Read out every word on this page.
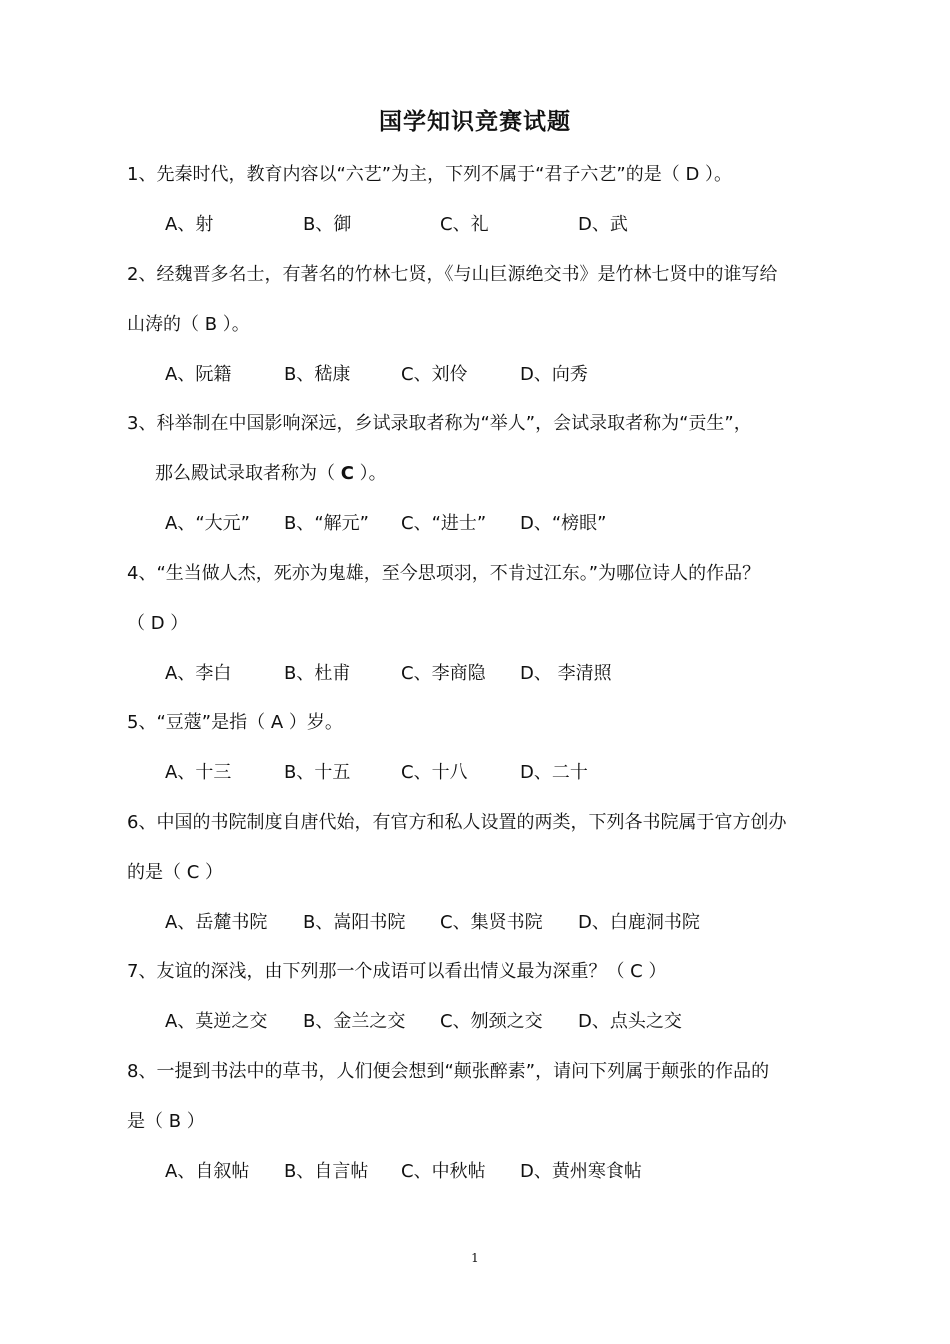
国学知识竞赛试题
1、先秦时代，教育内容以“六艺”为主，下列不属于“君子六艺”的是（ D ）。
A、射	B、御	C、礼	D、武
2、经魏晋多名士，有著名的竹林七贤，《与山巨源绝交书》是竹林七贤中的谁写给
山涛的（ B ）。
A、阮籍	B、嵇康	C、刘伶	D、向秀
3、科举制在中国影响深远，乡试录取者称为“举人”，会试录取者称为“贡生”，
那么殿试录取者称为（ C ）。
A、“大元” B、“解元” C、“进士” D、“榜眼”
4、“生当做人杰，死亦为鬼雄，至今思项羽，不肯过江东。”为哪位诗人的作品？
（ D ）
A、李白	B、杜甫	C、李商隐 D、 李清照
5、“豆蔻”是指（ A ）岁。
A、十三	B、十五	C、十八	D、二十
6、中国的书院制度自唐代始，有官方和私人设置的两类，下列各书院属于官方创办
的是（ C ）
A、岳麓书院 B、嵩阳书院 C、集贤书院 D、白鹿洞书院
7、友谊的深浅，由下列那一个成语可以看出情义最为深重？（ C ）
A、莫逆之交 B、金兰之交 C、刎颈之交 D、点头之交
8、一提到书法中的草书，人们便会想到“颠张醉素”，请问下列属于颠张的作品的
是（ B ）
A、自叙帖 B、自言帖 C、中秋帖 D、黄州寒食帖
1
